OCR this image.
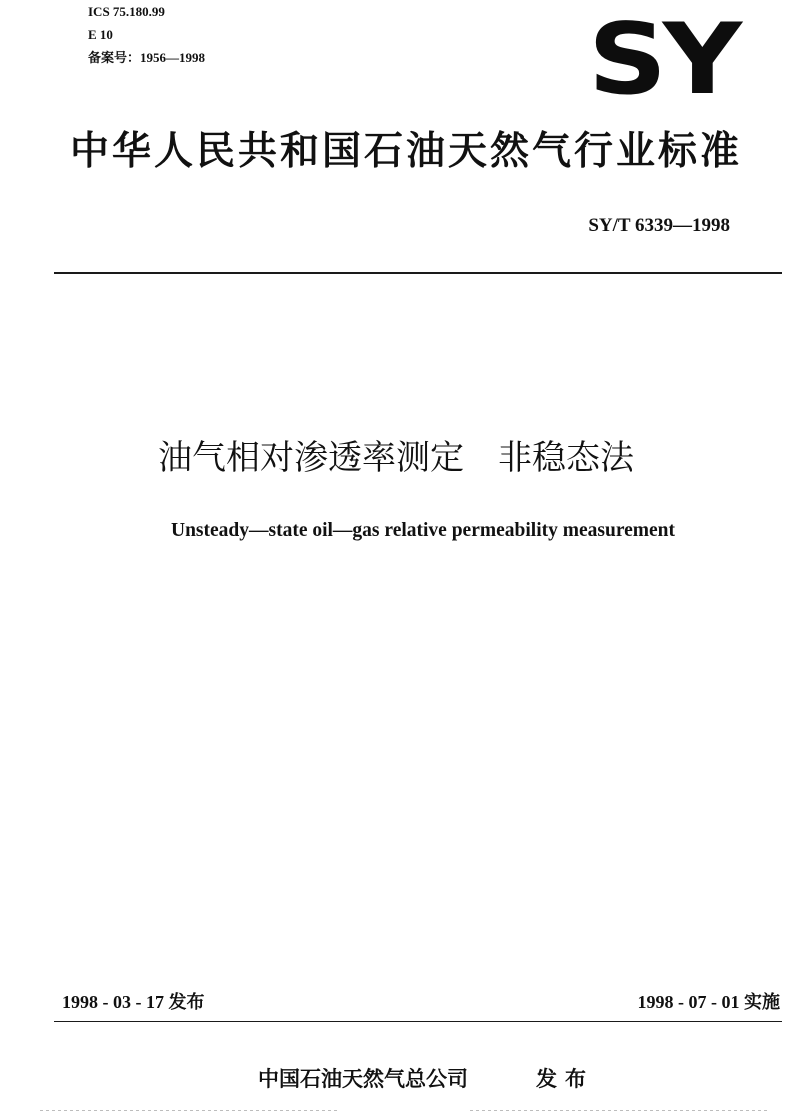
ICS 75.180.99
E 10
备案号：1956—1998	SY
中华人民共和国石油天然气行业标准
SY/T 6339—1998
油气相对渗透率测定　非稳态法
Unsteady—state oil—gas relative permeability measurement
1998 - 03 - 17 发布	1998 - 07 - 01 实施
中国石油天然气总公司	发布
